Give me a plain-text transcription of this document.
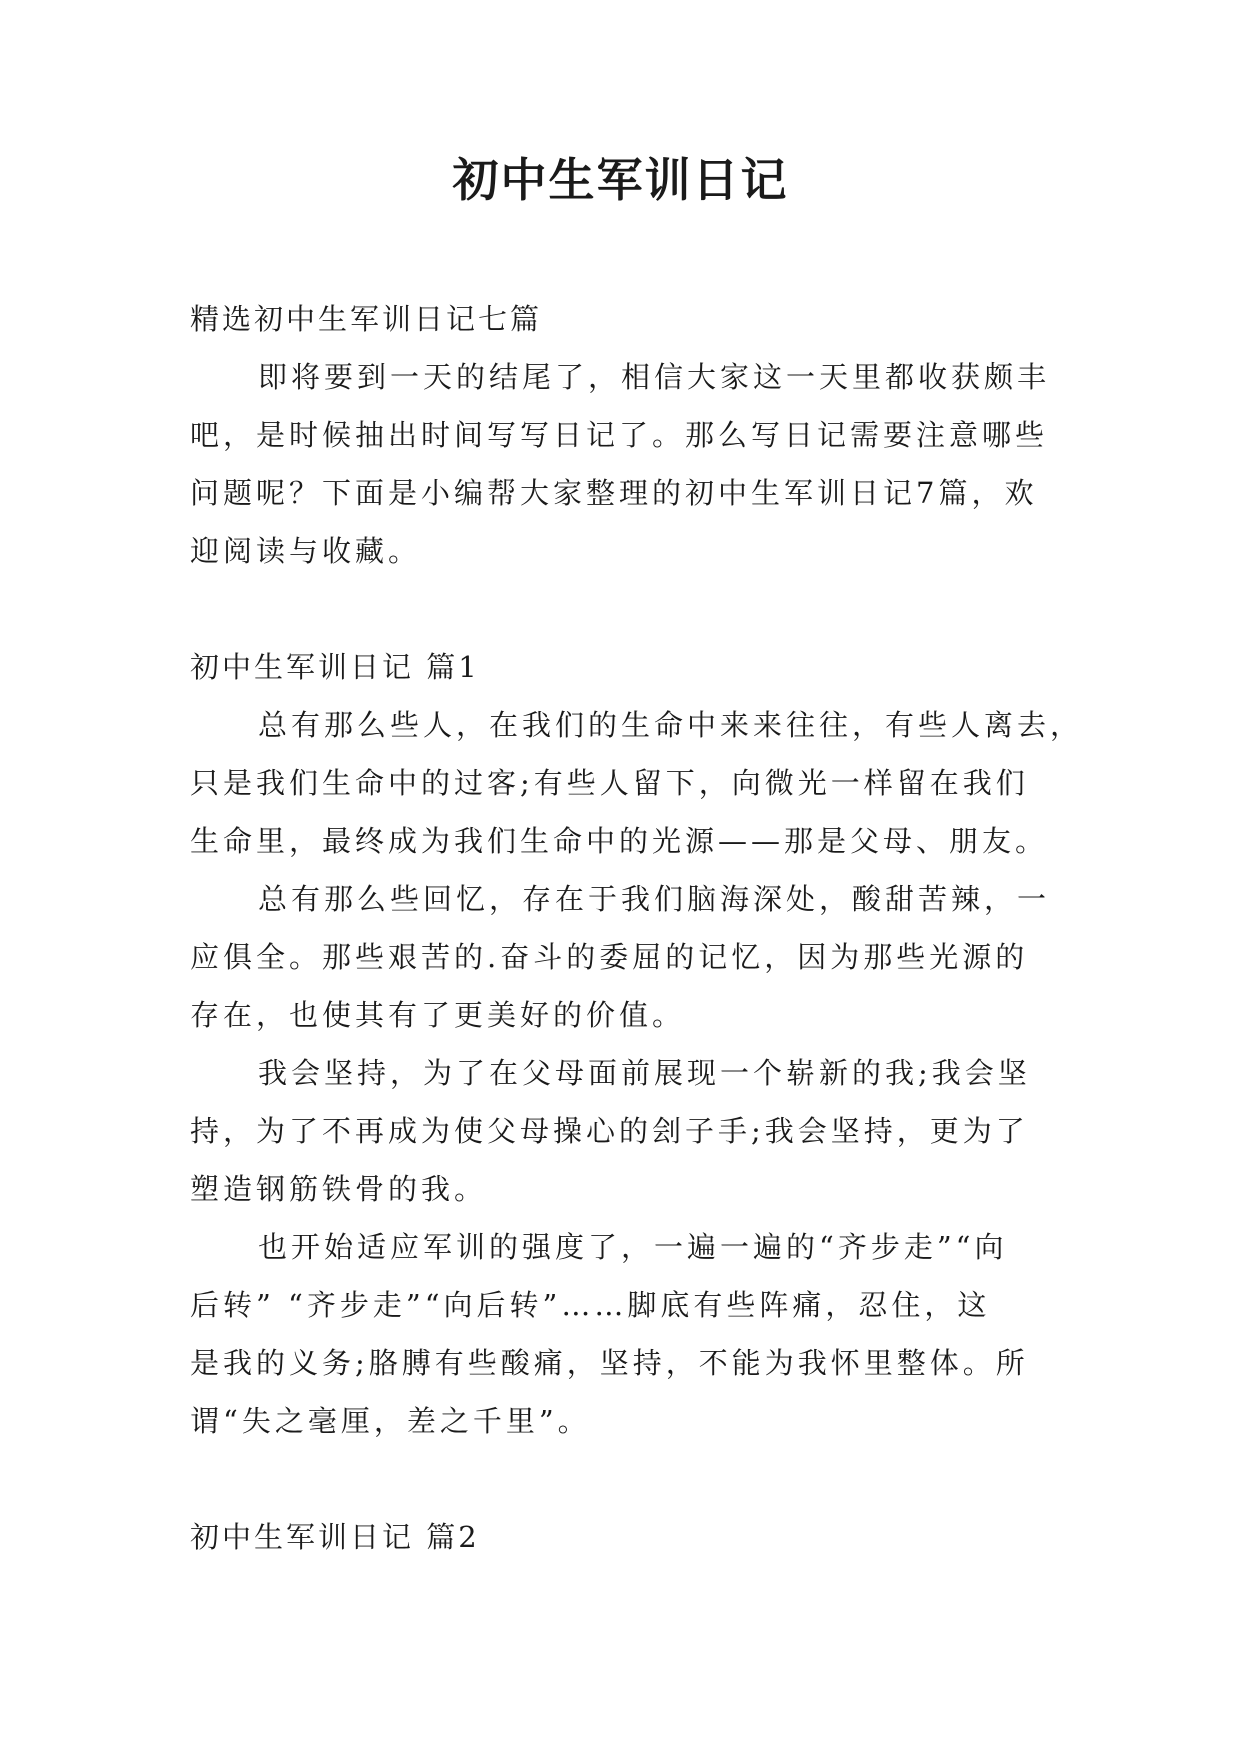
初中生军训日记
精选初中生军训日记七篇
即将要到一天的结尾了，相信大家这一天里都收获颇丰
吧，是时候抽出时间写写日记了。那么写日记需要注意哪些
问题呢？下面是小编帮大家整理的初中生军训日记7篇，欢
迎阅读与收藏。
初中生军训日记 篇1
总有那么些人，在我们的生命中来来往往，有些人离去，
只是我们生命中的过客;有些人留下，向微光一样留在我们
生命里，最终成为我们生命中的光源——那是父母、朋友。
总有那么些回忆，存在于我们脑海深处，酸甜苦辣，一
应俱全。那些艰苦的.奋斗的委屈的记忆，因为那些光源的
存在，也使其有了更美好的价值。
我会坚持，为了在父母面前展现一个崭新的我;我会坚
持，为了不再成为使父母操心的刽子手;我会坚持，更为了
塑造钢筋铁骨的我。
也开始适应军训的强度了，一遍一遍的“齐步走”“向
后转” “齐步走”“向后转”……脚底有些阵痛，忍住，这
是我的义务;胳膊有些酸痛，坚持，不能为我怀里整体。所
谓“失之毫厘，差之千里”。
初中生军训日记 篇2
